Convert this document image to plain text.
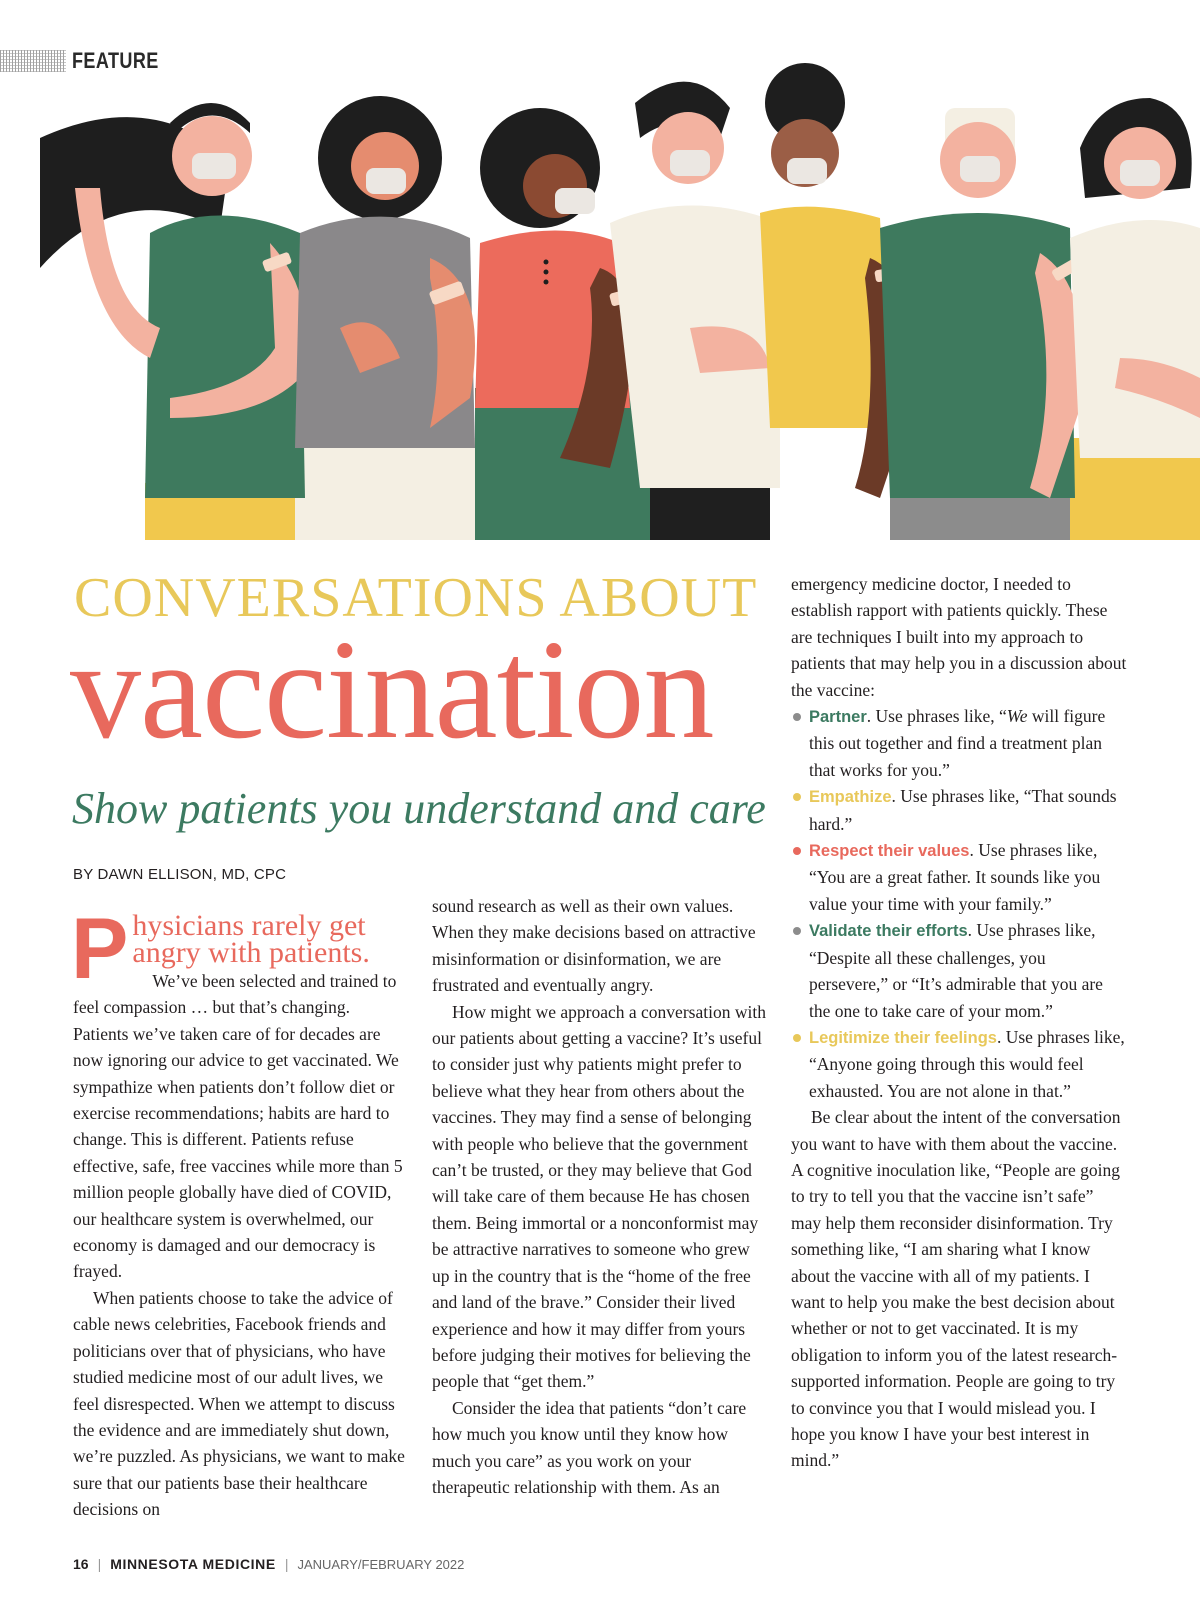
FEATURE
CONVERSATIONS ABOUT
vaccination
Show patients you understand and care
BY DAWN ELLISON, MD, CPC
P hysicians rarely get angry with patients.

We’ve been selected and trained to feel compassion … but that’s changing. Patients we’ve taken care of for decades are now ignoring our advice to get vaccinated. We sympathize when patients don’t follow diet or exercise recommendations; habits are hard to change. This is different. Patients refuse effective, safe, free vaccines while more than 5 million people globally have died of COVID, our healthcare system is overwhelmed, our economy is damaged and our democracy is frayed.

When patients choose to take the advice of cable news celebrities, Facebook friends and politicians over that of physicians, who have studied medicine most of our adult lives, we feel disrespected. When we attempt to discuss the evidence and are immediately shut down, we’re puzzled. As physicians, we want to make sure that our patients base their healthcare decisions on

sound research as well as their own values. When they make decisions based on attractive misinformation or disinformation, we are frustrated and eventually angry.

How might we approach a conversation with our patients about getting a vaccine? It’s useful to consider just why patients might prefer to believe what they hear from others about the vaccines. They may find a sense of belonging with people who believe that the government can’t be trusted, or they may believe that God will take care of them because He has chosen them. Being immortal or a nonconformist may be attractive narratives to someone who grew up in the country that is the “home of the free and land of the brave.” Consider their lived experience and how it may differ from yours before judging their motives for believing the people that “get them.”

Consider the idea that patients “don’t care how much you know until they know how much you care” as you work on your therapeutic relationship with them. As an

emergency medicine doctor, I needed to establish rapport with patients quickly. These are techniques I built into my approach to patients that may help you in a discussion about the vaccine:

Partner. Use phrases like, “We will figure this out together and find a treatment plan that works for you.”
Empathize. Use phrases like, “That sounds hard.”
Respect their values. Use phrases like, “You are a great father. It sounds like you value your time with your family.”
Validate their efforts. Use phrases like, “Despite all these challenges, you persevere,” or “It’s admirable that you are the one to take care of your mom.”
Legitimize their feelings. Use phrases like, “Anyone going through this would feel exhausted. You are not alone in that.”

Be clear about the intent of the conversation you want to have with them about the vaccine. A cognitive inoculation like, “People are going to try to tell you that the vaccine isn’t safe” may help them reconsider disinformation. Try something like, “I am sharing what I know about the vaccine with all of my patients. I want to help you make the best decision about whether or not to get vaccinated. It is my obligation to inform you of the latest research-supported information. People are going to try to convince you that I would mislead you. I hope you know I have your best interest in mind.”

16 | MINNESOTA MEDICINE | JANUARY/FEBRUARY 2022
